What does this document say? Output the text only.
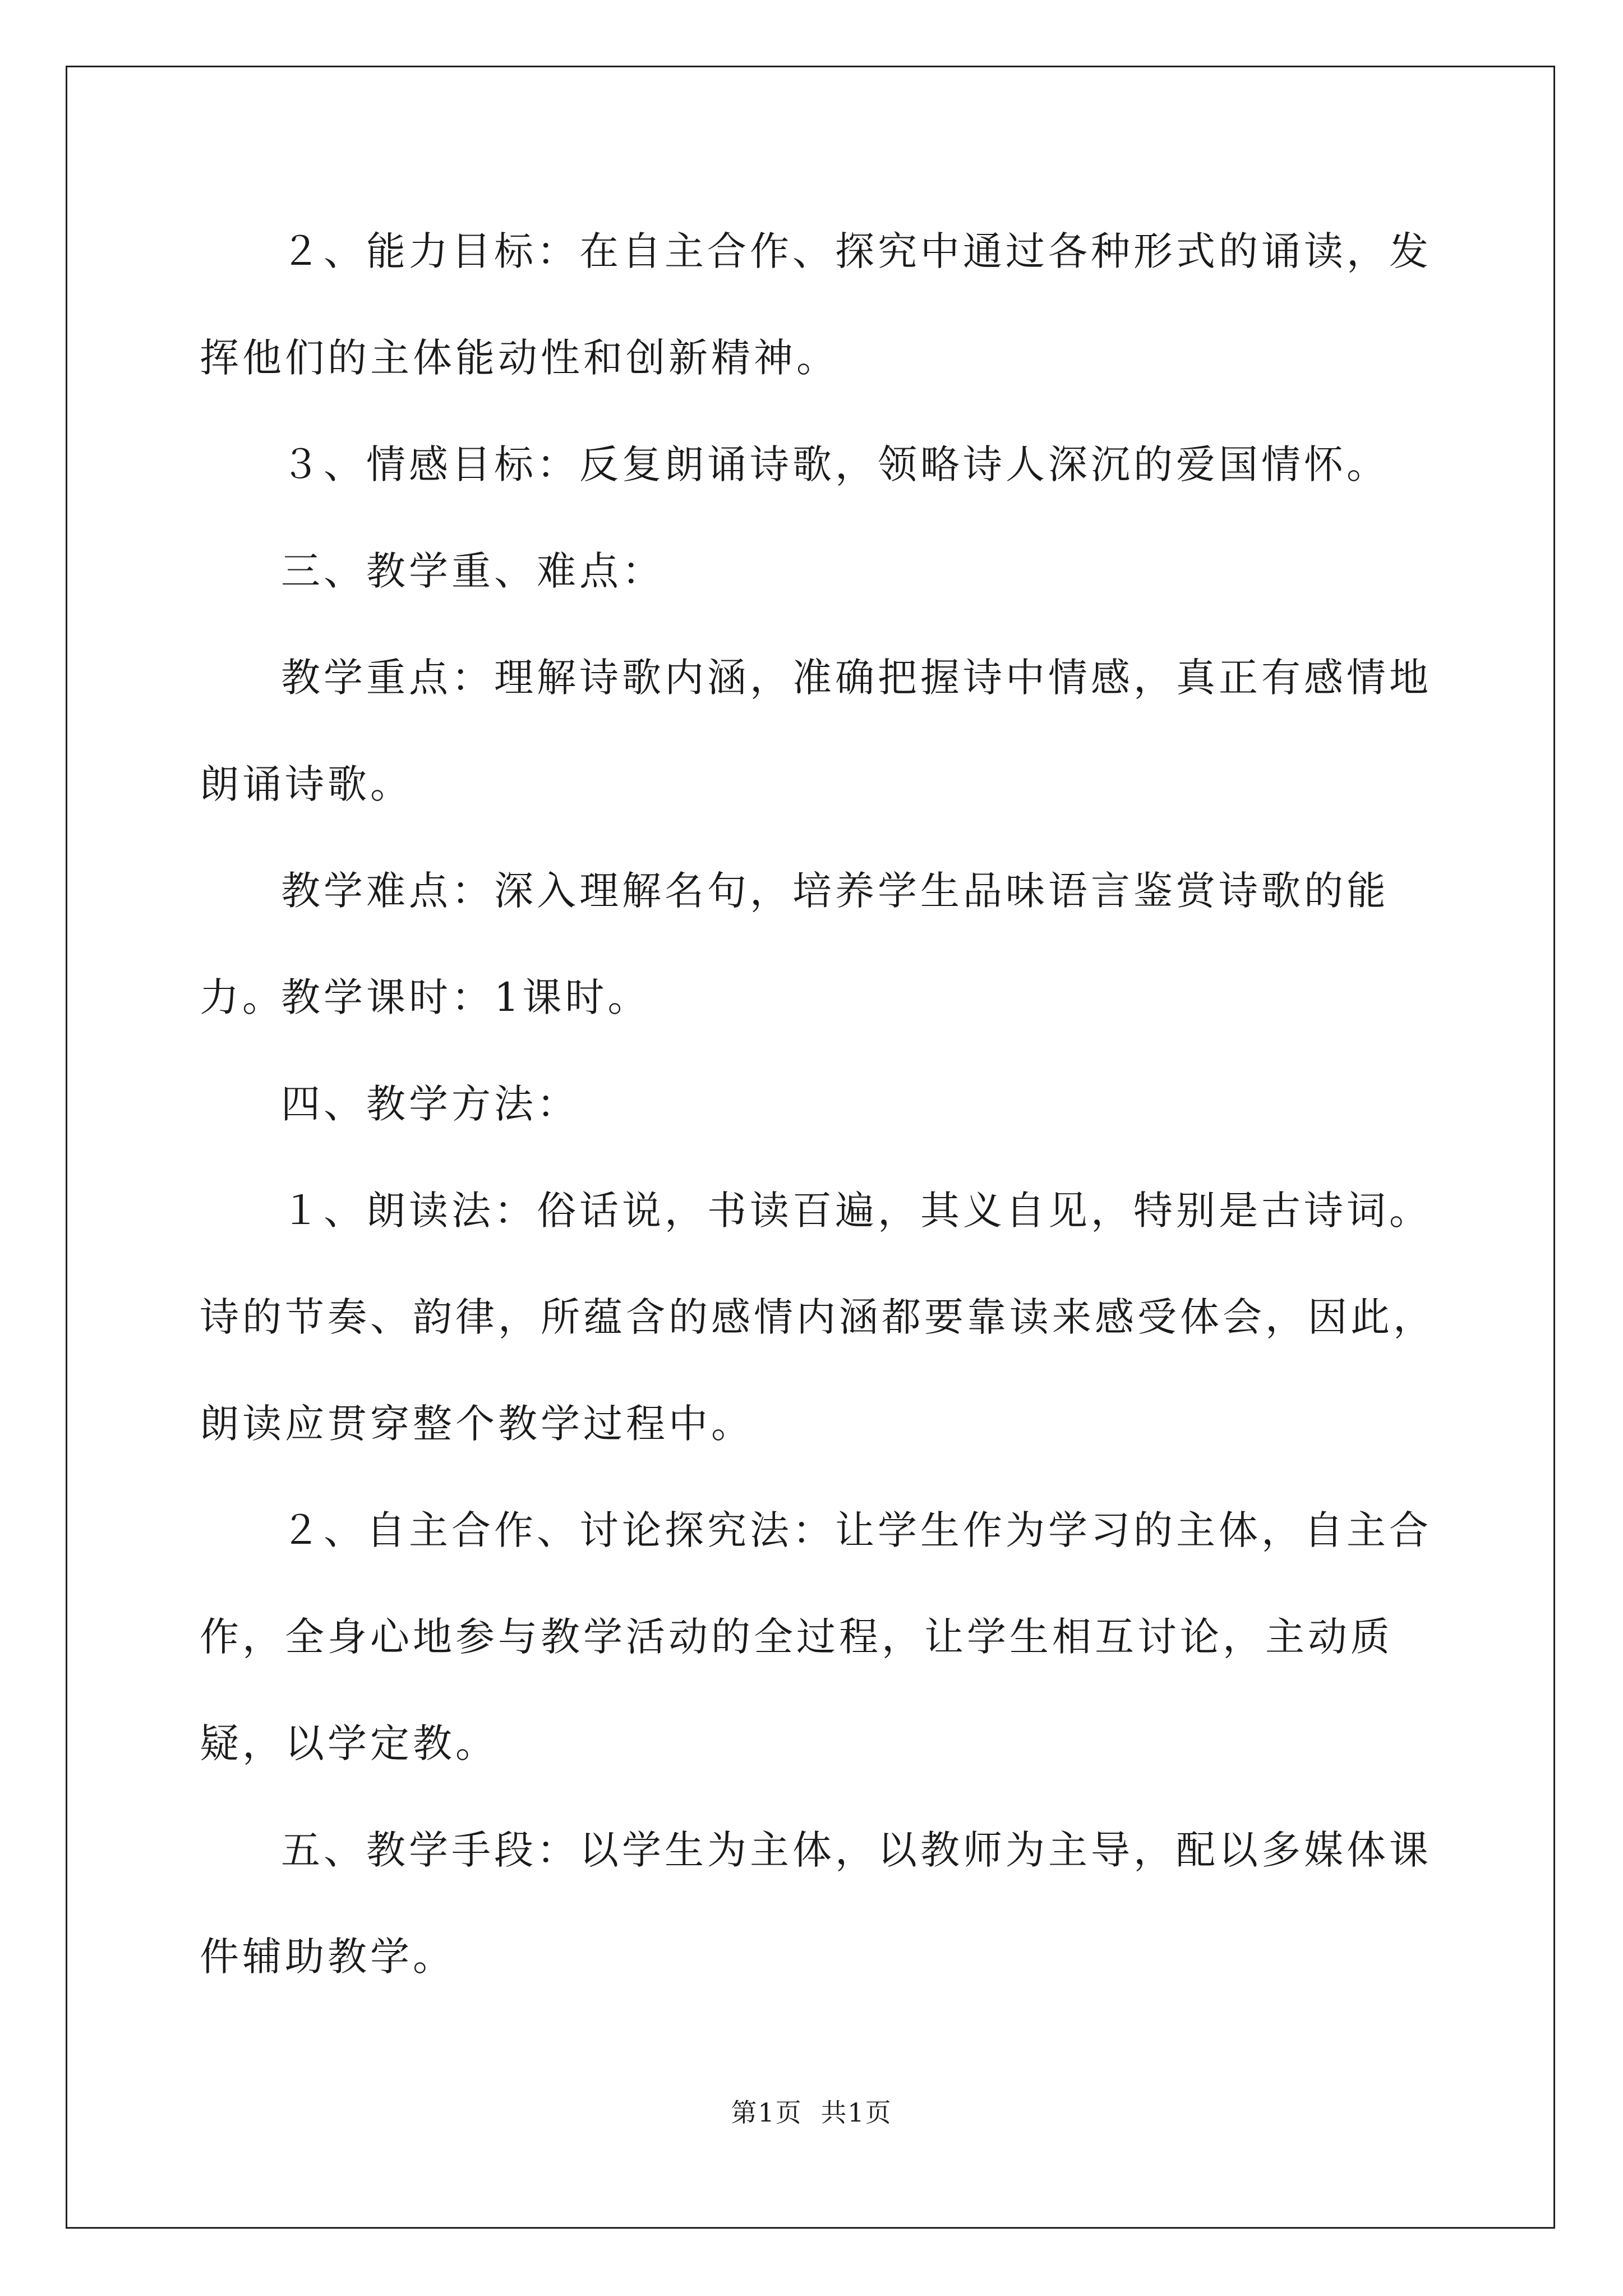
２、能力目标：在自主合作、探究中通过各种形式的诵读，发挥他们的主体能动性和创新精神。

３、情感目标：反复朗诵诗歌，领略诗人深沉的爱国情怀。

三、教学重、难点：

教学重点：理解诗歌内涵，准确把握诗中情感，真正有感情地朗诵诗歌。

教学难点：深入理解名句，培养学生品味语言鉴赏诗歌的能力。

教学课时：1课时。

四、教学方法：

１、朗读法：俗话说，书读百遍，其义自见，特别是古诗词。诗的节奏、韵律，所蕴含的感情内涵都要靠读来感受体会，因此，朗读应贯穿整个教学过程中。

２、自主合作、讨论探究法：让学生作为学习的主体，自主合作，全身心地参与教学活动的全过程，让学生相互讨论，主动质疑，以学定教。

五、教学手段：以学生为主体，以教师为主导，配以多媒体课件辅助教学。

第1页 共1页
